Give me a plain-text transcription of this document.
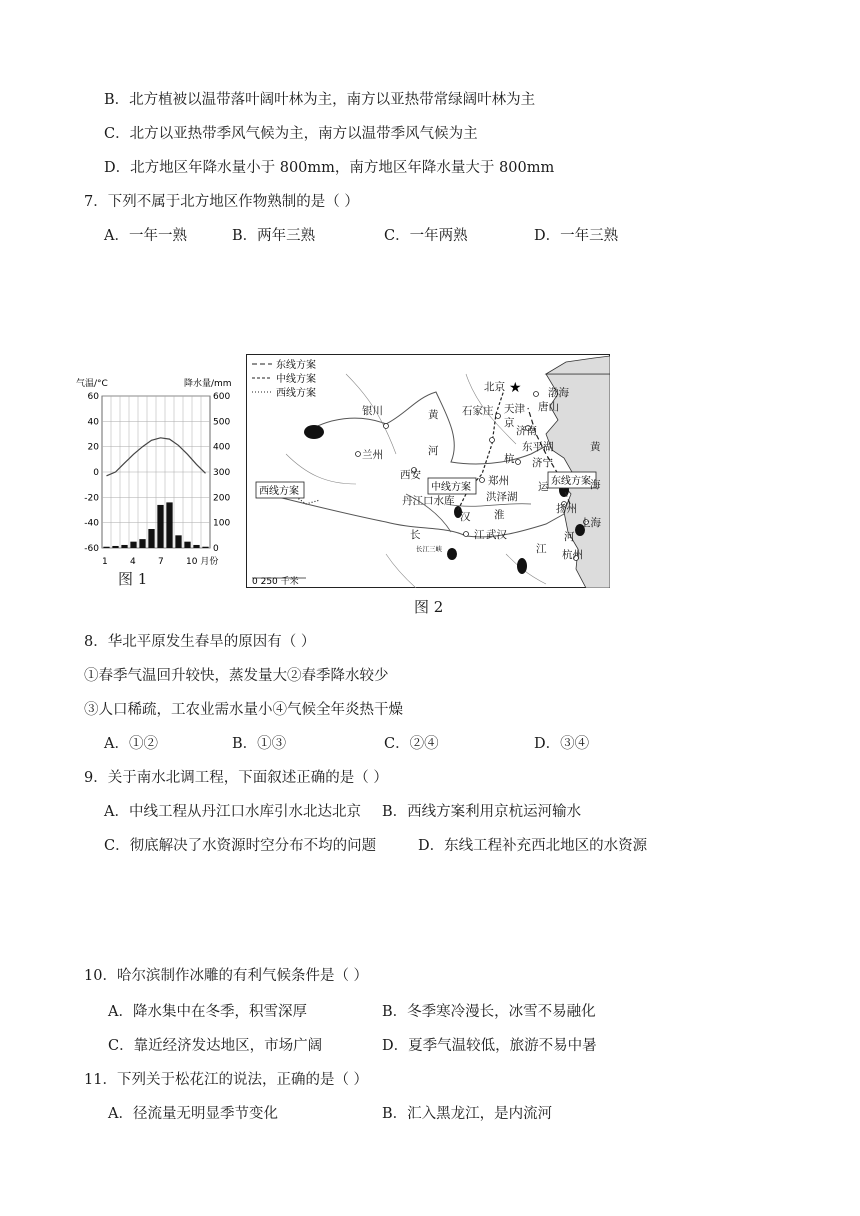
B．北方植被以温带落叶阔叶林为主，南方以亚热带常绿阔叶林为主
C．北方以亚热带季风气候为主，南方以温带季风气候为主
D．北方地区年降水量小于 800mm，南方地区年降水量大于 800mm
7．下列不属于北方地区作物熟制的是（ ）
A．一年一熟	B．两年三熟	C．一年两熟	D．一年三熟
气温/°C	降水量/mm
60	600
40	500
20	400
0	300
-20	200
-40	100
-60	0
1 4 7 10 月份
图 1
东线方案
中线方案
西线方案
西线方案	中线方案
东线方案
★
北京	渤海
唐山
天津
石家庄
京
济南
黄
东平湖
济宁
杭
海
银川	黄
河
兰州
西安	郑州	运
丹江口水库	洪泽湖
扬州
汉 淮
上海
长	江 武汉	河
江 杭州
长江三峡
0 250 千米
图 2
8．华北平原发生春旱的原因有（ ）
①春季气温回升较快，蒸发量大②春季降水较少
③人口稀疏，工农业需水量小④气候全年炎热干燥
A．①②	B．①③	C．②④	D．③④
9．关于南水北调工程，下面叙述正确的是（ ）
A．中线工程从丹江口水库引水北达北京 B．西线方案利用京杭运河输水
C．彻底解决了水资源时空分布不均的问题	D．东线工程补充西北地区的水资源
10．哈尔滨制作冰雕的有利气候条件是（ ）
A．降水集中在冬季，积雪深厚	B．冬季寒冷漫长，冰雪不易融化
C．靠近经济发达地区，市场广阔	D．夏季气温较低，旅游不易中暑
11．下列关于松花江的说法，正确的是（ ）
A．径流量无明显季节变化	B．汇入黑龙江，是内流河
